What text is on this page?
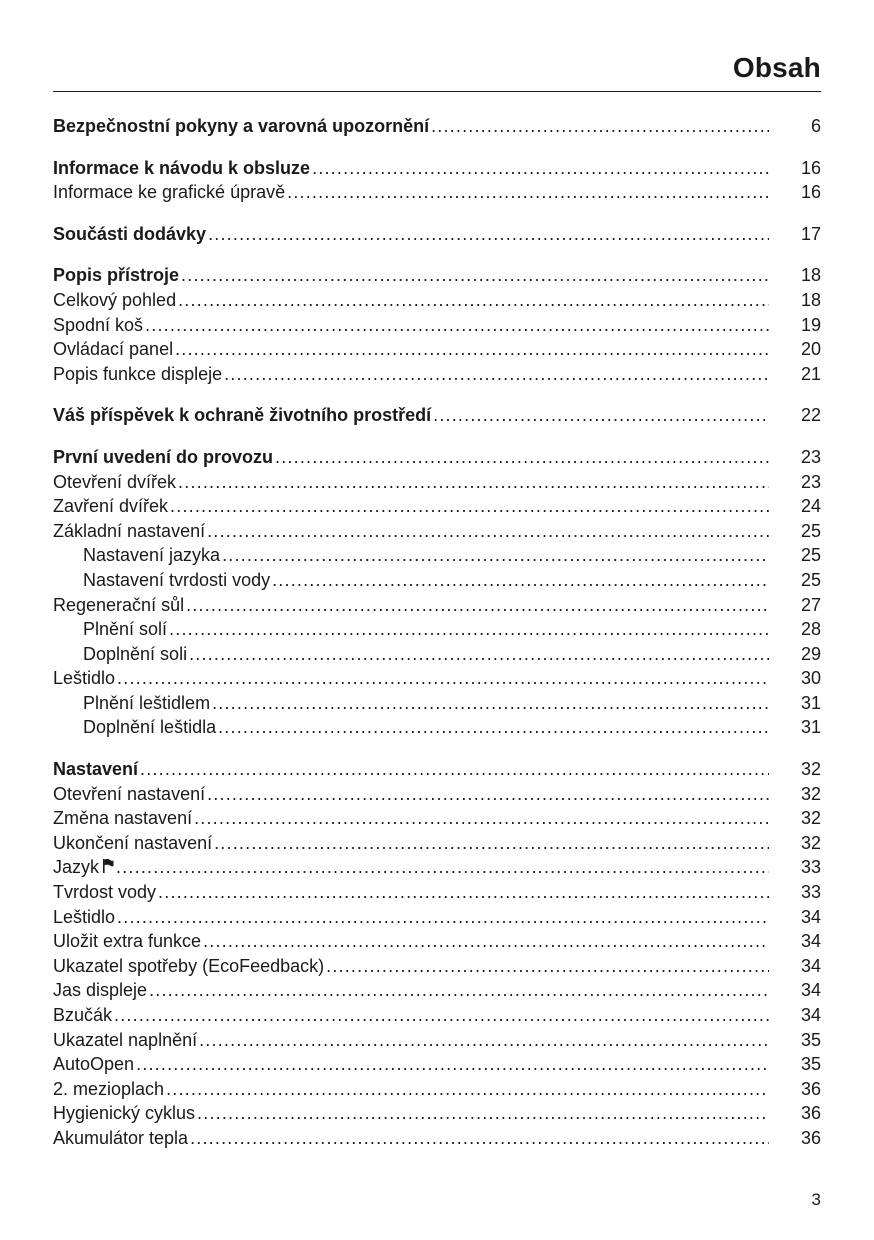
Obsah
Bezpečnostní pokyny a varovná upozornění .....	6
Informace k návodu k obsluze .....	16
Informace ke grafické úpravě .....	16
Součásti dodávky .....	17
Popis přístroje .....	18
Celkový pohled .....	18
Spodní koš .....	19
Ovládací panel .....	20
Popis funkce displeje .....	21
Váš příspěvek k ochraně životního prostředí .....	22
První uvedení do provozu .....	23
Otevření dvířek .....	23
Zavření dvířek .....	24
Základní nastavení .....	25
Nastavení jazyka .....	25
Nastavení tvrdosti vody .....	25
Regenerační sůl .....	27
Plnění solí .....	28
Doplnění soli .....	29
Leštidlo .....	30
Plnění leštidlem .....	31
Doplnění leštidla .....	31
Nastavení .....	32
Otevření nastavení .....	32
Změna nastavení .....	32
Ukončení nastavení .....	32
Jazyk .....	33
Tvrdost vody .....	33
Leštidlo .....	34
Uložit extra funkce .....	34
Ukazatel spotřeby (EcoFeedback) .....	34
Jas displeje .....	34
Bzučák .....	34
Ukazatel naplnění .....	35
AutoOpen .....	35
2. mezioplach .....	36
Hygienický cyklus .....	36
Akumulátor tepla .....	36
3
